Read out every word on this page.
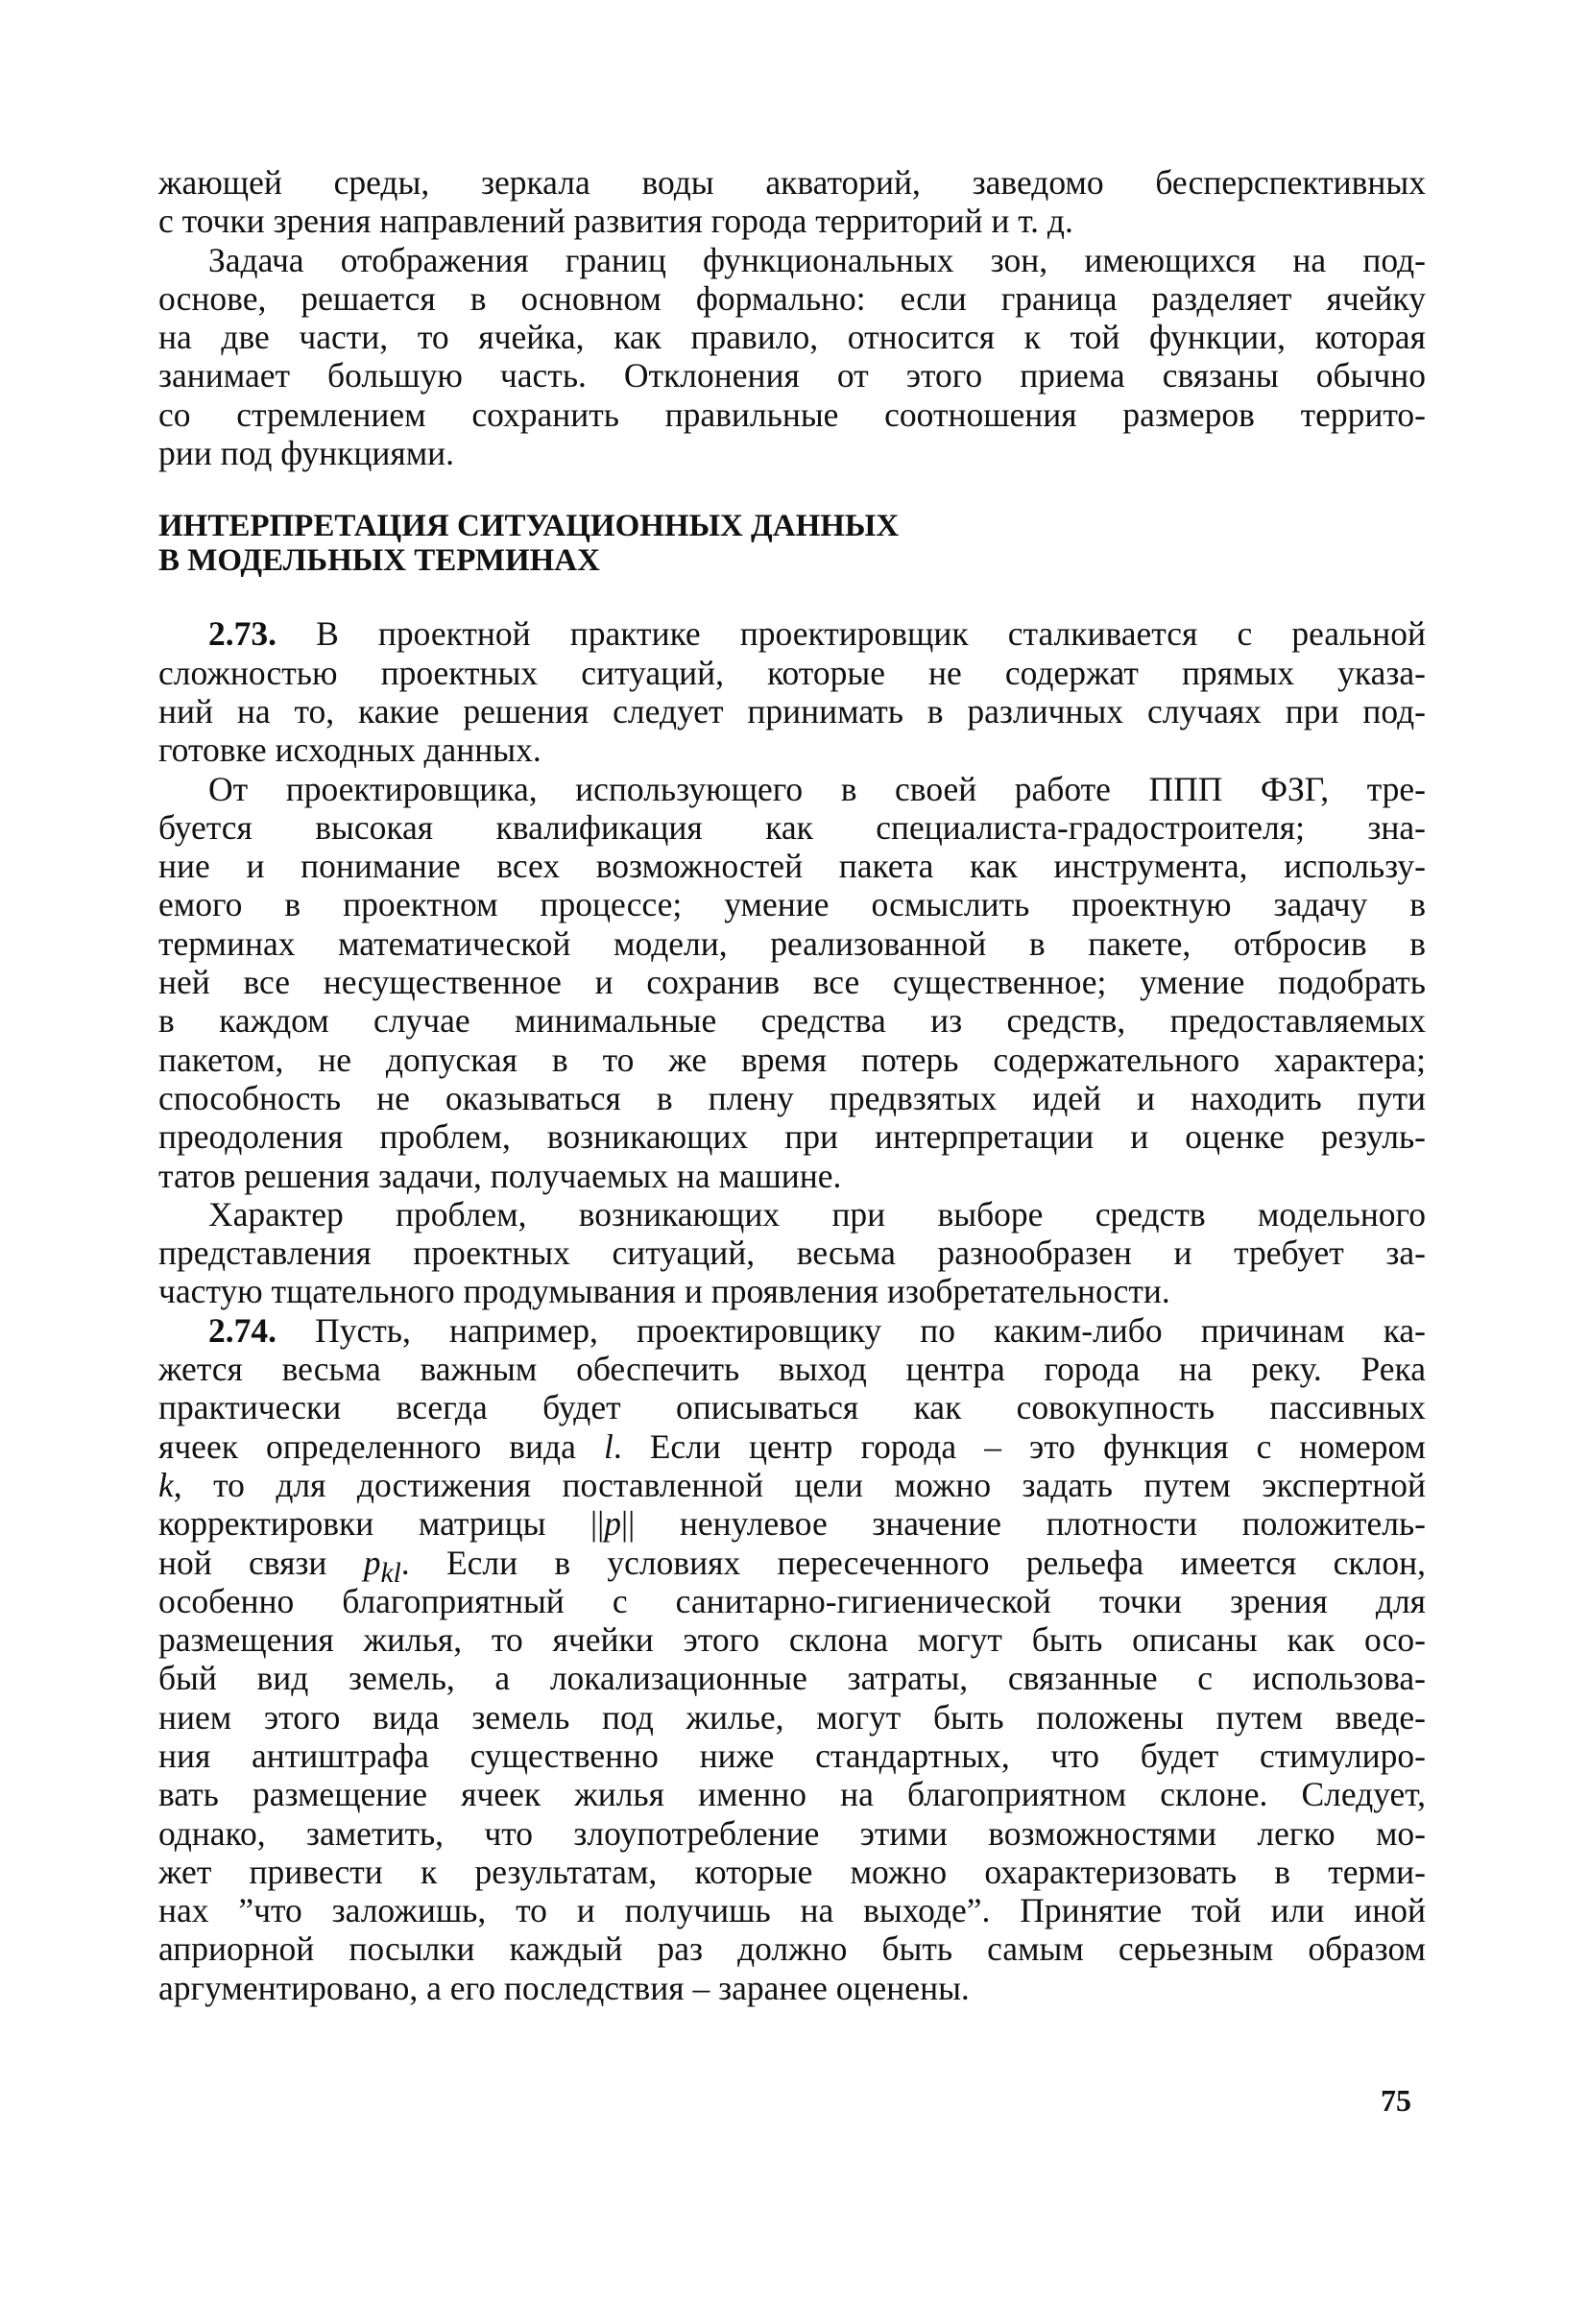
жающей среды, зеркала воды акваторий, заведомо бесперспективных
с точки зрения направлений развития города территорий и т. д.
Задача отображения границ функциональных зон, имеющихся на под-
основе, решается в основном формально: если граница разделяет ячейку
на две части, то ячейка, как правило, относится к той функции, которая
занимает большую часть. Отклонения от этого приема связаны обычно
со стремлением сохранить правильные соотношения размеров террито-
рии под функциями.
ИНТЕРПРЕТАЦИЯ СИТУАЦИОННЫХ ДАННЫХ
В МОДЕЛЬНЫХ ТЕРМИНАХ
2.73. В проектной практике проектировщик сталкивается с реальной
сложностью проектных ситуаций, которые не содержат прямых указа-
ний на то, какие решения следует принимать в различных случаях при под-
готовке исходных данных.
От проектировщика, использующего в своей работе ППП ФЗГ, тре-
буется высокая квалификация как специалиста-градостроителя; зна-
ние и понимание всех возможностей пакета как инструмента, использу-
емого в проектном процессе; умение осмыслить проектную задачу в
терминах математической модели, реализованной в пакете, отбросив в
ней все несущественное и сохранив все существенное; умение подобрать
в каждом случае минимальные средства из средств, предоставляемых
пакетом, не допуская в то же время потерь содержательного характера;
способность не оказываться в плену предвзятых идей и находить пути
преодоления проблем, возникающих при интерпретации и оценке резуль-
татов решения задачи, получаемых на машине.
Характер проблем, возникающих при выборе средств модельного
представления проектных ситуаций, весьма разнообразен и требует за-
частую тщательного продумывания и проявления изобретательности.
2.74. Пусть, например, проектировщику по каким-либо причинам ка-
жется весьма важным обеспечить выход центра города на реку. Река
практически всегда будет описываться как совокупность пассивных
ячеек определенного вида l. Если центр города – это функция с номером
k, то для достижения поставленной цели можно задать путем экспертной
корректировки матрицы ||p|| ненулевое значение плотности положитель-
ной связи $p_{kl}$. Если в условиях пересеченного рельефа имеется склон,
особенно благоприятный с санитарно-гигиенической точки зрения для
размещения жилья, то ячейки этого склона могут быть описаны как осо-
бый вид земель, а локализационные затраты, связанные с использова-
нием этого вида земель под жилье, могут быть положены путем введе-
ния антиштрафа существенно ниже стандартных, что будет стимулиро-
вать размещение ячеек жилья именно на благоприятном склоне. Следует,
однако, заметить, что злоупотребление этими возможностями легко мо-
жет привести к результатам, которые можно охарактеризовать в терми-
нах ”что заложишь, то и получишь на выходе”. Принятие той или иной
априорной посылки каждый раз должно быть самым серьезным образом
аргументировано, а его последствия – заранее оценены.
75
